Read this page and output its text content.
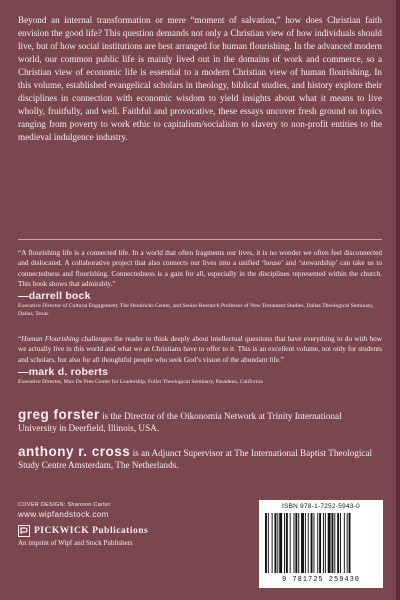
Beyond an internal transformation or mere “moment of salvation,” how does Christian faith envision the good life? This question demands not only a Christian view of how individuals should live, but of how social institutions are best arranged for human flourishing. In the advanced modern world, our common public life is mainly lived out in the domains of work and commerce, so a Christian view of economic life is essential to a modern Christian view of human flourishing. In this volume, established evangelical scholars in theology, biblical studies, and history explore their disciplines in connection with economic wisdom to yield insights about what it means to live wholly, fruitfully, and well. Faithful and provocative, these essays uncover fresh ground on topics ranging from poverty to work ethic to capitalism/socialism to slavery to non-profit entities to the medieval indulgence industry.

“A flourishing life is a connected life. In a world that often fragments our lives, it is no wonder we often feel disconnected and dislocated. A collaborative project that also connects our lives into a unified ‘house’ and ‘stewardship’ can take us to connectedness and flourishing. Connectedness is a gain for all, especially in the disciplines represented within the church. This book shows that admirably.”

—darrell bock
Executive Director of Cultural Engagement, The Hendricks Center, and Senior Research Professor of New Testament Studies, Dallas Theological Seminary, Dallas, Texas

“Human Flourishing challenges the reader to think deeply about intellectual questions that have everything to do with how we actually live in this world and what we as Christians have to offer to it. This is an excellent volume, not only for students and scholars, but also for all thoughtful people who seek God’s vision of the abundant life.”

—mark d. roberts
Executive Director, Max De Pree Center for Leadership, Fuller Theological Seminary, Pasadena, California

greg forster is the Director of the Oikonomia Network at Trinity International University in Deerfield, Illinois, USA.

anthony r. cross is an Adjunct Supervisor at The International Baptist Theological Study Centre Amsterdam, The Netherlands.

COVER DESIGN: Shannon Carter
www.wipfandstock.com
PICKWICK Publications
An imprint of Wipf and Stock Publishers
ISBN 978-1-7252-5943-0
9 781725 259430
